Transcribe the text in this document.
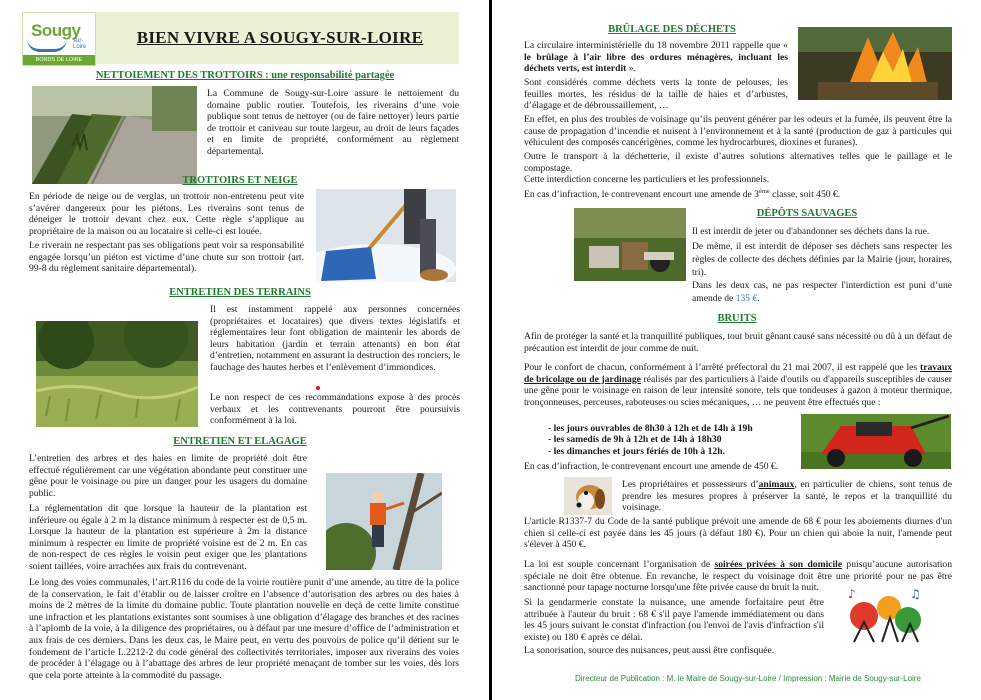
Sougy
sur-Loire
BORDS DE LOIRE
BIEN VIVRE A SOUGY-SUR-LOIRE
NETTOIEMENT DES TROTTOIRS : une responsabilité partagée

La Commune de Sougy-sur-Loire assure le nettoiement du domaine public routier. Toutefois, les riverains d’une voie publique sont tenus de nettoyer (ou de faire nettoyer) leurs partie de trottoir et caniveau sur toute largeur, au droit de leurs façades et en limite de propriété, conformément au règlement départemental.

TROTTOIRS ET NEIGE

En période de neige ou de verglas, un trottoir non-entretenu peut vite s’avérer dangereux pour les piétons. Les riverains sont tenus de déneiger le trottoir devant chez eux. Cette règle s’applique au propriétaire de la maison ou au locataire si celle-ci est louée.

Le riverain ne respectant pas ses obligations peut voir sa responsabilité engagée lorsqu’un piéton est victime d’une chute sur son trottoir (art. 99-8 du règlement sanitaire départemental).

ENTRETIEN DES TERRAINS

Il est instamment rappelé aux personnes concernées (propriétaires et locataires) que divers textes législatifs et réglementaires leur font obligation de maintenir les abords de leurs habitation (jardin et terrain attenants) en bon état d’entretien, notamment en assurant la destruction des ronciers, le fauchage des hautes herbes et l’enlèvement d’immondices.

Le non respect de ces recommandations expose à des procès verbaux et les contrevenants pourront être poursuivis conformément à la loi.

ENTRETIEN ET ELAGAGE

L’entretien des arbres et des haies en limite de propriété doit être effectué régulièrement car une végétation abondante peut constituer une gêne pour le voisinage ou pire un danger pour les usagers du domaine public.

La réglementation dit que lorsque la hauteur de la plantation est inférieure ou égale à 2 m la distance minimum à respecter est de 0,5 m. Lorsque la hauteur de la plantation est supérieure à 2m la distance minimum à respecter en limite de propriété voisine est de 2 m. En cas de non-respect de ces règles le voisin peut exiger que les plantations soient taillées, voire arrachées aux frais du contrevenant.

Le long des voies communales, l’art.R116 du code de la voirie routière punit d’une amende, au titre de la police de la conservation, le fait d’établir ou de laisser croître en l’absence d’autorisation des arbres ou des haies à moins de 2 mètres de la limite du domaine public. Toute plantation nouvelle en deçà de cette limite constitue une infraction et les plantations existantes sont soumises à une obligation d’élagage des branches et des racines à l’aplomb de la voie, à la diligence des propriétaires, ou à défaut par une mesure d’office de l’administration et aux frais de ces derniers. Dans les deux cas, le Maire peut, en vertu des pouvoirs de police qu’il détient sur le fondement de l’article L.2212-2 du code général des collectivités territoriales, imposer aux riverains des voies de procéder à l’élagage ou à l’abattage des arbres de leur propriété menaçant de tomber sur les voies, dès lors que cela porte atteinte à la commodité du passage.

BRÛLAGE DES DÉCHETS

La circulaire interministérielle du 18 novembre 2011 rappelle que « le brûlage à l’air libre des ordures ménagères, incluant les déchets verts, est interdit ».

Sont considérés comme déchets verts la tonte de pelouses, les feuilles mortes, les résidus de la taille de haies et d’arbustes, d’élagage et de débroussaillement, …

En effet, en plus des troubles de voisinage qu’ils peuvent générer par les odeurs et la fumée, ils peuvent être la cause de propagation d’incendie et nuisent à l’environnement et à la santé (production de gaz à particules qui véhiculent des composés cancérigènes, comme les hydrocarbures, dioxines et furanes).

Outre le transport à la déchetterie, il existe d’autres solutions alternatives telles que le paillage et le compostage.

Cette interdiction concerne les particuliers et les professionnels.

En cas d’infraction, le contrevenant encourt une amende de 3ème classe, soit 450 €.

DÉPÔTS SAUVAGES

Il est interdit de jeter ou d'abandonner ses déchets dans la rue.

De même, il est interdit de déposer ses déchets sans respecter les règles de collecte des déchets définies par la Mairie (jour, horaires, tri).

Dans les deux cas, ne pas respecter l'interdiction est puni d’une amende de 135 €.

BRUITS

Afin de protéger la santé et la tranquillité publiques, tout bruit gênant causé sans nécessité ou dû à un défaut de précaution est interdit de jour comme de nuit.

Pour le confort de chacun, conformément à l’arrêté préfectoral du 21 mai 2007, il est rappelé que les travaux de bricolage ou de jardinage réalisés par des particuliers à l'aide d'outils ou d'appareils susceptibles de causer une gêne pour le voisinage en raison de leur intensité sonore, tels que tondeuses à gazon à moteur thermique, tronçonneuses, perceuses, raboteuses ou scies mécaniques, … ne peuvent être effectués que :

- les jours ouvrables de 8h30 à 12h et de 14h à 19h
- les samedis de 9h à 12h et de 14h à 18h30
- les dimanches et jours fériés de 10h à 12h.

En cas d’infraction, le contrevenant encourt une amende de 450 €.

Les propriétaires et possesseurs d’animaux, en particulier de chiens, sont tenus de prendre les mesures propres à préserver la santé, le repos et la tranquillité du voisinage.

L'article R1337-7 du Code de la santé publique prévoit une amende de 68 € pour les aboiements diurnes d'un chien si celle-ci est payée dans les 45 jours (à défaut 180 €). Pour un chien qui aboie la nuit, l'amende peut s'élever à 450 €.

La loi est souple concernant l’organisation de soirées privées à son domicile puisqu’aucune autorisation spéciale ne doit être obtenue. En revanche, le respect du voisinage doit être une priorité pour ne pas être sanctionné pour tapage nocturne lorsqu'une fête privée cause du bruit la nuit.

Si la gendarmerie constate la nuisance, une amende forfaitaire peut être attribuée à l'auteur du bruit : 68 € s'il paye l'amende immédiatement ou dans les 45 jours suivant le constat d'infraction (ou l'envoi de l'avis d'infraction s'il existe) ou 180 € après ce délai.

♪	♫

La sonorisation, source des nuisances, peut aussi être confisquée.

Directeur de Publication : M. le Maire de Sougy-sur-Loire / Impression : Mairie de Sougy-sur-Loire
